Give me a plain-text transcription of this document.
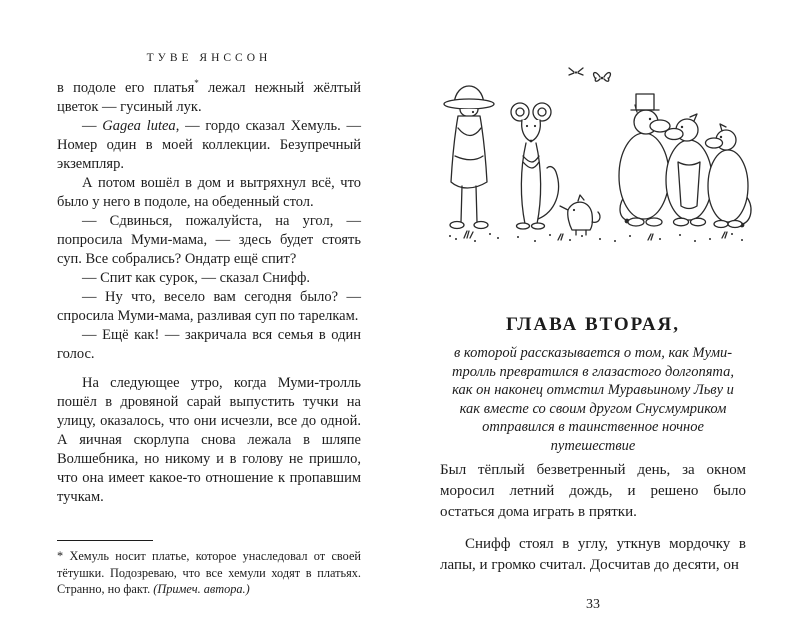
ТУВЕ ЯНССОН

в подоле его платья* лежал нежный жёлтый цветок — гусиный лук.

— Gagea lutea, — гордо сказал Хемуль. — Номер один в моей коллекции. Безупречный экземпляр.

А потом вошёл в дом и вытряхнул всё, что было у него в подоле, на обеденный стол.

— Сдвинься, пожалуйста, на угол, — попросила Муми-мама, — здесь будет стоять суп. Все собрались? Ондатр ещё спит?

— Спит как сурок, — сказал Снифф.

— Ну что, весело вам сегодня было? — спросила Муми-мама, разливая суп по тарелкам.

— Ещё как! — закричала вся семья в один голос.

На следующее утро, когда Муми-тролль пошёл в дровяной сарай выпустить тучки на улицу, оказалось, что они исчезли, все до одной. А яичная скорлупа снова лежала в шляпе Волшебника, но никому и в голову не пришло, что она имеет какое-то отношение к пропавшим тучкам.

* Хемуль носит платье, которое унаследовал от своей тётушки. Подозреваю, что все хемули ходят в платьях. Странно, но факт. (Примеч. автора.)

ГЛАВА ВТОРАЯ,

в которой рассказывается о том, как Муми-тролль превратился в глазастого долгопята, как он наконец отмстил Муравьиному Льву и как вместе со своим другом Снусмумриком отправился в таинственное ночное путешествие

Был тёплый безветренный день, за окном моросил летний дождь, и решено было остаться дома играть в прятки.

Снифф стоял в углу, уткнув мордочку в лапы, и громко считал. Досчитав до десяти, он

33
